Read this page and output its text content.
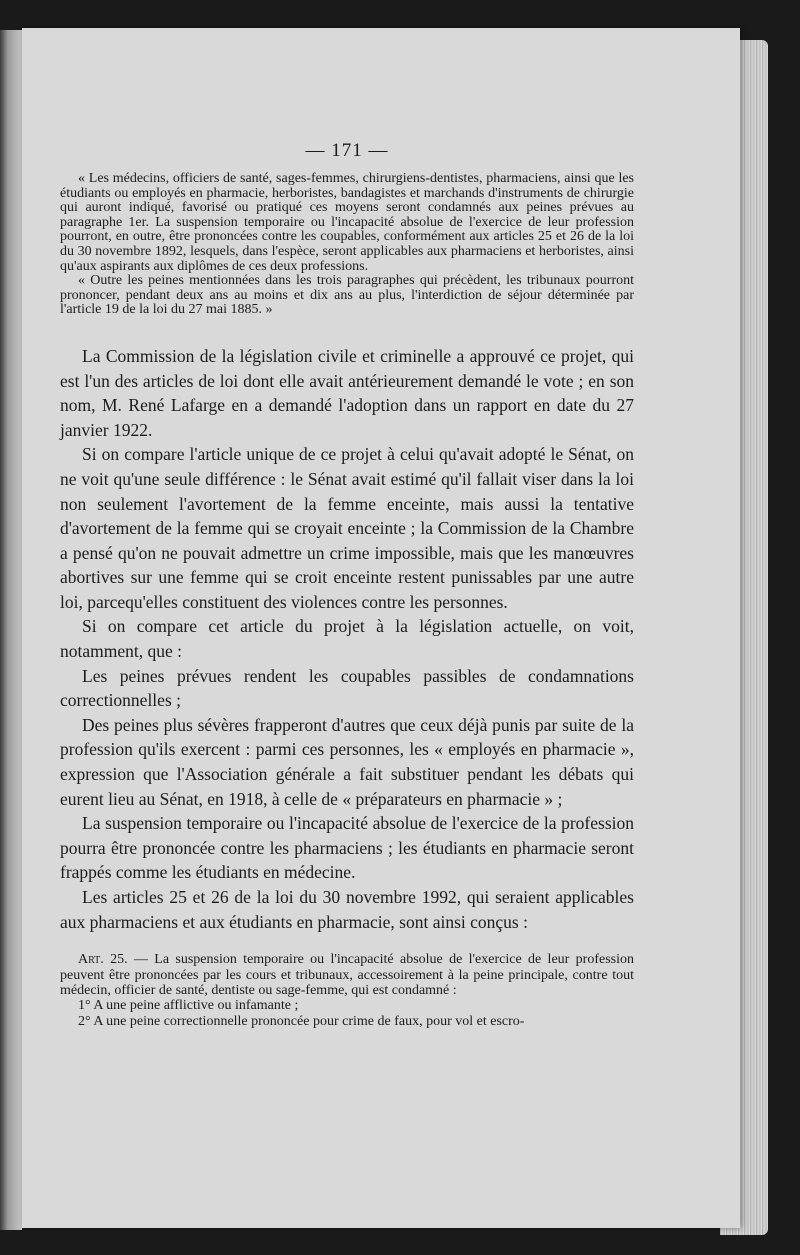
— 171 —

« Les médecins, officiers de santé, sages-femmes, chirurgiens-dentistes, pharmaciens, ainsi que les étudiants ou employés en pharmacie, herboristes, bandagistes et marchands d'instruments de chirurgie qui auront indiqué, favorisé ou pratiqué ces moyens seront condamnés aux peines prévues au paragraphe 1er. La suspension temporaire ou l'incapacité absolue de l'exercice de leur profession pourront, en outre, être prononcées contre les coupables, conformément aux articles 25 et 26 de la loi du 30 novembre 1892, lesquels, dans l'espèce, seront applicables aux pharmaciens et herboristes, ainsi qu'aux aspirants aux diplômes de ces deux professions.

« Outre les peines mentionnées dans les trois paragraphes qui précèdent, les tribunaux pourront prononcer, pendant deux ans au moins et dix ans au plus, l'interdiction de séjour déterminée par l'article 19 de la loi du 27 mai 1885. »

La Commission de la législation civile et criminelle a approuvé ce projet, qui est l'un des articles de loi dont elle avait antérieurement demandé le vote ; en son nom, M. René Lafarge en a demandé l'adoption dans un rapport en date du 27 janvier 1922.

Si on compare l'article unique de ce projet à celui qu'avait adopté le Sénat, on ne voit qu'une seule différence : le Sénat avait estimé qu'il fallait viser dans la loi non seulement l'avortement de la femme enceinte, mais aussi la tentative d'avortement de la femme qui se croyait enceinte ; la Commission de la Chambre a pensé qu'on ne pouvait admettre un crime impossible, mais que les manœuvres abortives sur une femme qui se croit enceinte restent punissables par une autre loi, parcequ'elles constituent des violences contre les personnes.

Si on compare cet article du projet à la législation actuelle, on voit, notamment, que :

Les peines prévues rendent les coupables passibles de condamnations correctionnelles ;

Des peines plus sévères frapperont d'autres que ceux déjà punis par suite de la profession qu'ils exercent : parmi ces personnes, les « employés en pharmacie », expression que l'Association générale a fait substituer pendant les débats qui eurent lieu au Sénat, en 1918, à celle de « préparateurs en pharmacie » ;

La suspension temporaire ou l'incapacité absolue de l'exercice de la profession pourra être prononcée contre les pharmaciens ; les étudiants en pharmacie seront frappés comme les étudiants en médecine.

Les articles 25 et 26 de la loi du 30 novembre 1992, qui seraient applicables aux pharmaciens et aux étudiants en pharmacie, sont ainsi conçus :

Art. 25. — La suspension temporaire ou l'incapacité absolue de l'exercice de leur profession peuvent être prononcées par les cours et tribunaux, accessoirement à la peine principale, contre tout médecin, officier de santé, dentiste ou sage-femme, qui est condamné :

1° A une peine afflictive ou infamante ;

2° A une peine correctionnelle prononcée pour crime de faux, pour vol et escro-
